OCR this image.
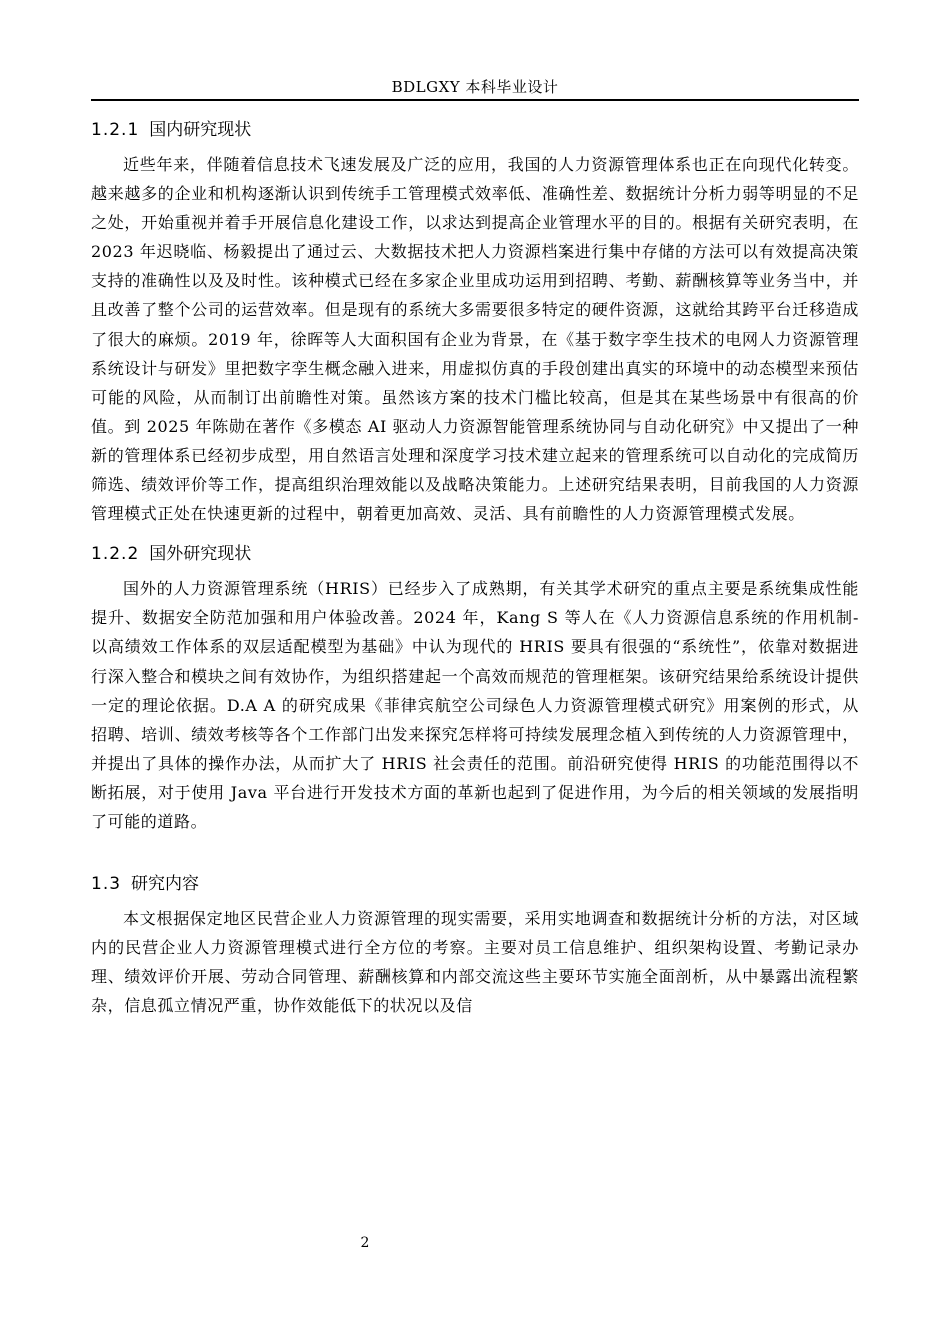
BDLGXY 本科毕业设计
1.2.1 国内研究现状

近些年来，伴随着信息技术飞速发展及广泛的应用，我国的人力资源管理体系也正在向现代化转变。越来越多的企业和机构逐渐认识到传统手工管理模式效率低、准确性差、数据统计分析力弱等明显的不足之处，开始重视并着手开展信息化建设工作，以求达到提高企业管理水平的目的。根据有关研究表明，在 2023 年迟晓临、杨毅提出了通过云、大数据技术把人力资源档案进行集中存储的方法可以有效提高决策支持的准确性以及及时性。该种模式已经在多家企业里成功运用到招聘、考勤、薪酬核算等业务当中，并且改善了整个公司的运营效率。但是现有的系统大多需要很多特定的硬件资源，这就给其跨平台迁移造成了很大的麻烦。2019 年，徐晖等人大面积国有企业为背景，在《基于数字孪生技术的电网人力资源管理系统设计与研发》里把数字孪生概念融入进来，用虚拟仿真的手段创建出真实的环境中的动态模型来预估可能的风险，从而制订出前瞻性对策。虽然该方案的技术门槛比较高，但是其在某些场景中有很高的价值。到 2025 年陈勋在著作《多模态 AI 驱动人力资源智能管理系统协同与自动化研究》中又提出了一种新的管理体系已经初步成型，用自然语言处理和深度学习技术建立起来的管理系统可以自动化的完成简历筛选、绩效评价等工作，提高组织治理效能以及战略决策能力。上述研究结果表明，目前我国的人力资源管理模式正处在快速更新的过程中，朝着更加高效、灵活、具有前瞻性的人力资源管理模式发展。

1.2.2 国外研究现状

国外的人力资源管理系统（HRIS）已经步入了成熟期，有关其学术研究的重点主要是系统集成性能提升、数据安全防范加强和用户体验改善。2024 年，Kang S 等人在《人力资源信息系统的作用机制-以高绩效工作体系的双层适配模型为基础》中认为现代的 HRIS 要具有很强的“系统性”，依靠对数据进行深入整合和模块之间有效协作，为组织搭建起一个高效而规范的管理框架。该研究结果给系统设计提供一定的理论依据。D.A A 的研究成果《菲律宾航空公司绿色人力资源管理模式研究》用案例的形式，从招聘、培训、绩效考核等各个工作部门出发来探究怎样将可持续发展理念植入到传统的人力资源管理中，并提出了具体的操作办法，从而扩大了 HRIS 社会责任的范围。前沿研究使得 HRIS 的功能范围得以不断拓展，对于使用 Java 平台进行开发技术方面的革新也起到了促进作用，为今后的相关领域的发展指明了可能的道路。

1.3 研究内容

本文根据保定地区民营企业人力资源管理的现实需要，采用实地调查和数据统计分析的方法，对区域内的民营企业人力资源管理模式进行全方位的考察。主要对员工信息维护、组织架构设置、考勤记录办理、绩效评价开展、劳动合同管理、薪酬核算和内部交流这些主要环节实施全面剖析，从中暴露出流程繁杂，信息孤立情况严重，协作效能低下的状况以及信

2
